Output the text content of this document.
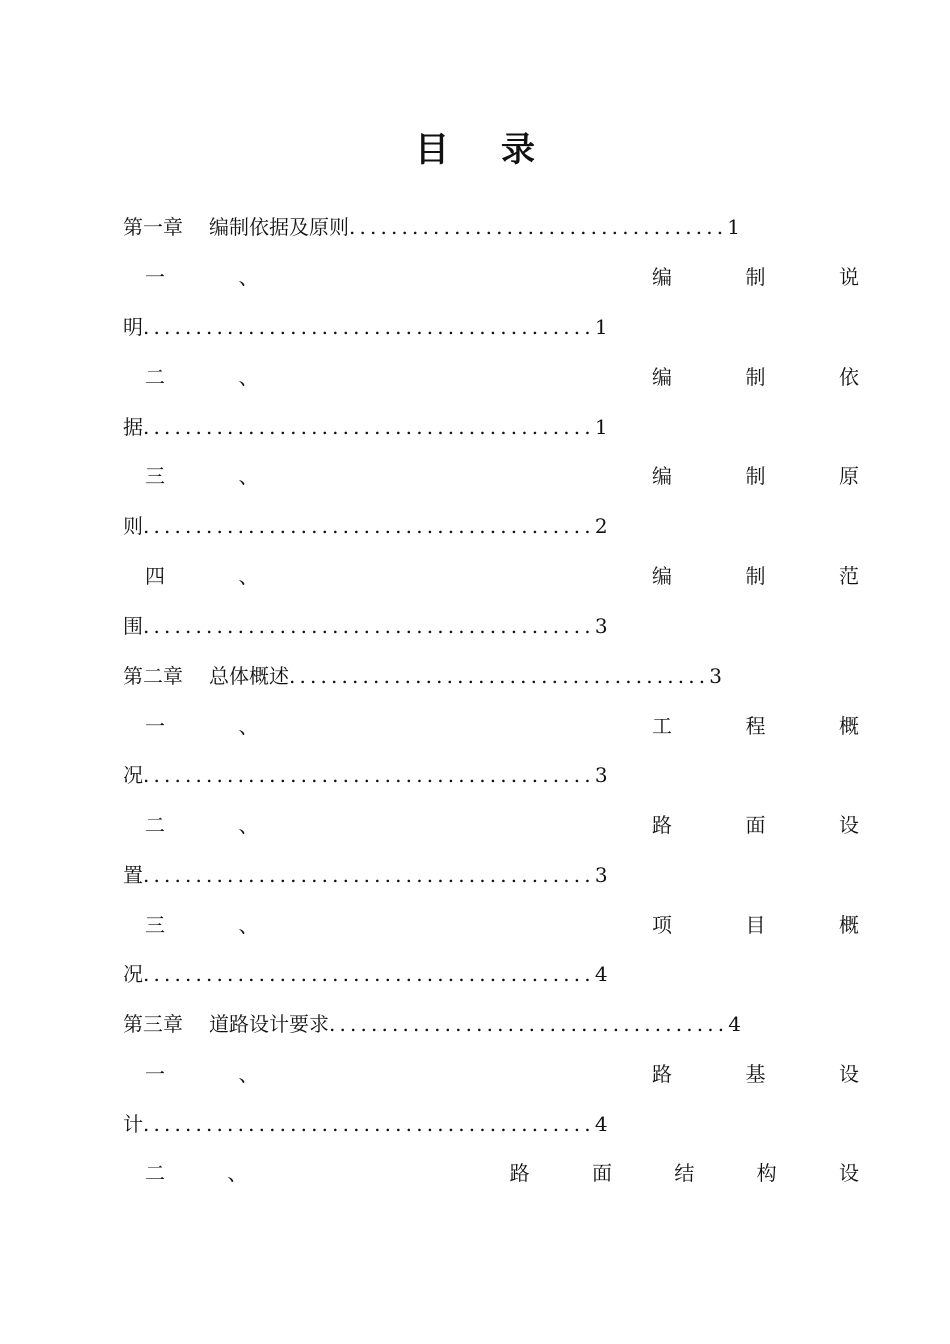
目 录
第一章 编制依据及原则....................................1
一	、	编	制	说
明...........................................1
二	、	编	制	依
据...........................................1
三	、	编	制	原
则...........................................2
四	、	编	制	范
围...........................................3
第二章 总体概述........................................3
一	、	工	程	概
况...........................................3
二	、	路	面	设
置...........................................3
三	、	项	目	概
况...........................................4
第三章 道路设计要求......................................4
一	、	路	基	设
计...........................................4
二	、	路	面	结	构	设
